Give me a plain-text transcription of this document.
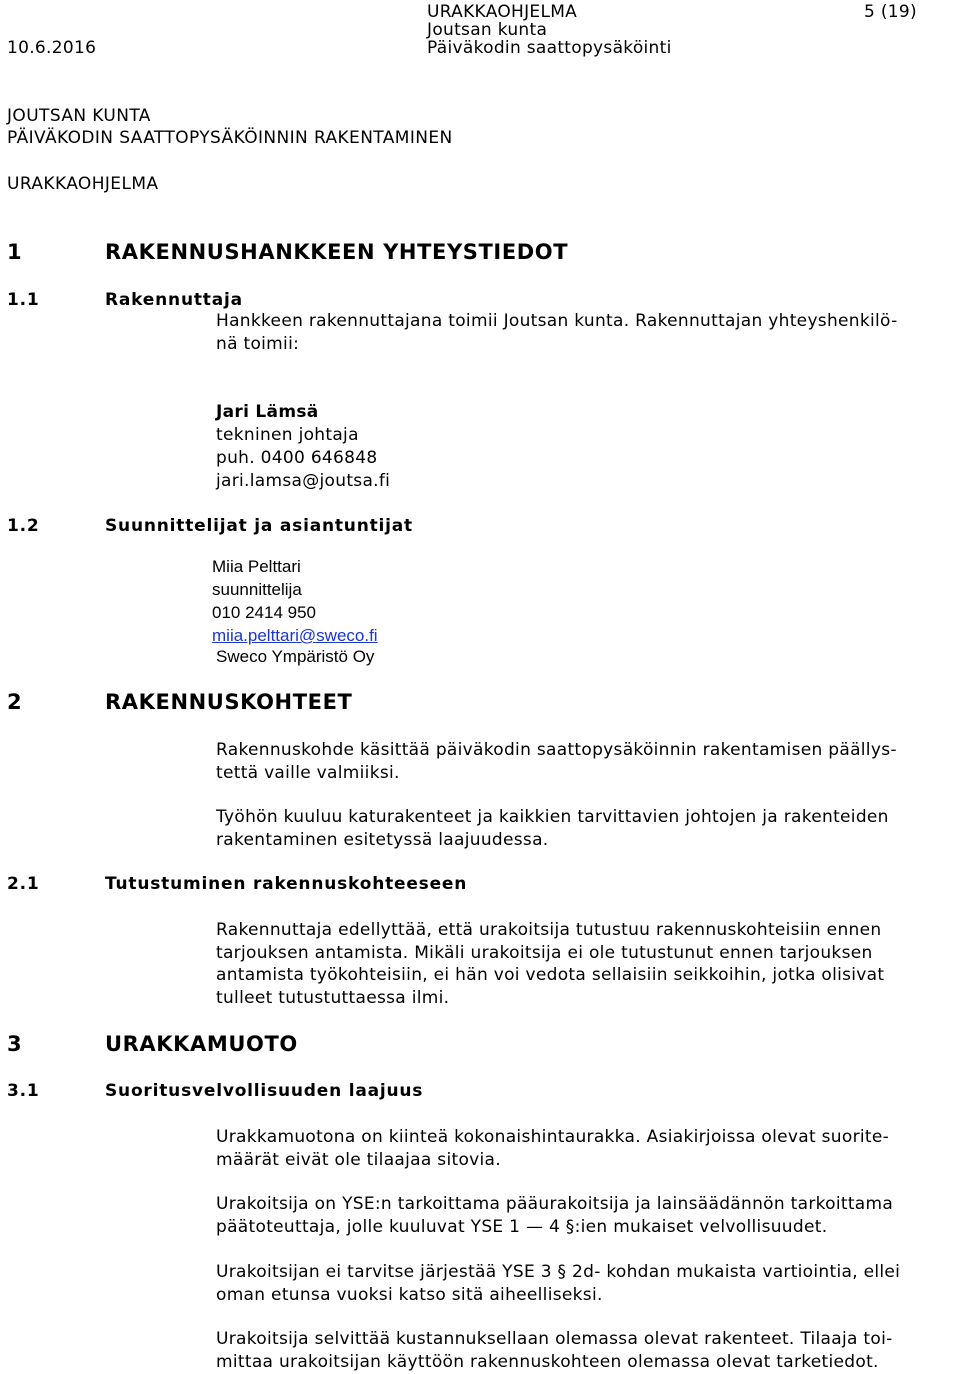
10.6.2016
URAKKAOHJELMA
Joutsan kunta
Päiväkodin saattopysäköinti
5 (19)
JOUTSAN KUNTA
PÄIVÄKODIN SAATTOPYSÄKÖINNIN RAKENTAMINEN
URAKKAOHJELMA
1	RAKENNUSHANKKEEN YHTEYSTIEDOT
1.1	Rakennuttaja
Hankkeen rakennuttajana toimii Joutsan kunta. Rakennuttajan yhteyshenkilö-
nä toimii:
Jari Lämsä
tekninen johtaja
puh. 0400 646848
jari.lamsa@joutsa.fi
1.2	Suunnittelijat ja asiantuntijat
Miia Pelttari
suunnittelija
010 2414 950
miia.pelttari@sweco.fi
Sweco Ympäristö Oy
2	RAKENNUSKOHTEET
Rakennuskohde käsittää päiväkodin saattopysäköinnin rakentamisen päällys-
tettä vaille valmiiksi.
Työhön kuuluu katurakenteet ja kaikkien tarvittavien johtojen ja rakenteiden
rakentaminen esitetyssä laajuudessa.
2.1	Tutustuminen rakennuskohteeseen
Rakennuttaja edellyttää, että urakoitsija tutustuu rakennuskohteisiin ennen
tarjouksen antamista. Mikäli urakoitsija ei ole tutustunut ennen tarjouksen
antamista työkohteisiin, ei hän voi vedota sellaisiin seikkoihin, jotka olisivat
tulleet tutustuttaessa ilmi.
3	URAKKAMUOTO
3.1	Suoritusvelvollisuuden laajuus
Urakkamuotona on kiinteä kokonaishintaurakka. Asiakirjoissa olevat suorite-
määrät eivät ole tilaajaa sitovia.
Urakoitsija on YSE:n tarkoittama pääurakoitsija ja lainsäädännön tarkoittama
päätoteuttaja, jolle kuuluvat YSE 1 — 4 §:ien mukaiset velvollisuudet.
Urakoitsijan ei tarvitse järjestää YSE 3 § 2d- kohdan mukaista vartiointia, ellei
oman etunsa vuoksi katso sitä aiheelliseksi.
Urakoitsija selvittää kustannuksellaan olemassa olevat rakenteet. Tilaaja toi-
mittaa urakoitsijan käyttöön rakennuskohteen olemassa olevat tarketiedot.
